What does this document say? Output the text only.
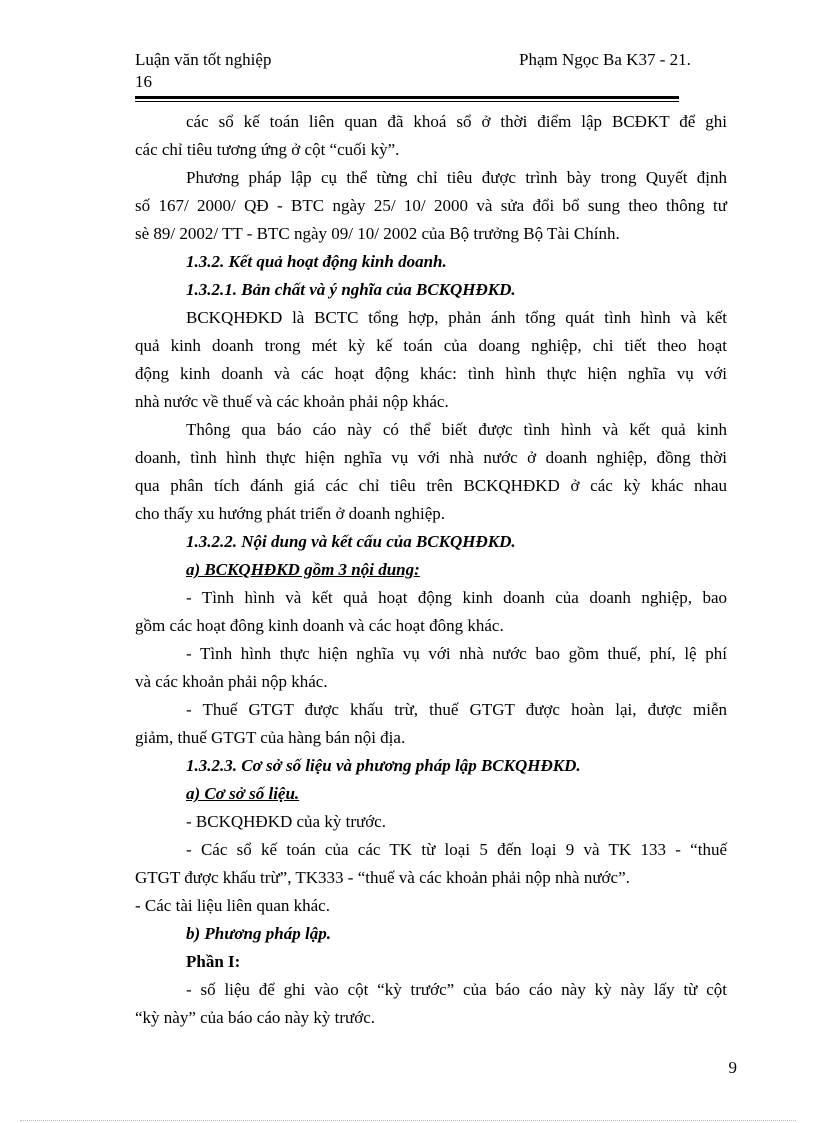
Luận văn tốt nghiệp	Phạm Ngọc Ba K37 - 21.
16
các sổ kế toán liên quan đã khoá sổ ở thời điểm lập BCĐKT để ghi
các chỉ tiêu tương ứng ở cột “cuối kỳ”.
Phương pháp lập cụ thể từng chỉ tiêu được trình bày trong Quyết định
số 167/ 2000/ QĐ - BTC ngày 25/ 10/ 2000 và sửa đổi bổ sung theo thông tư
sè 89/ 2002/ TT - BTC ngày 09/ 10/ 2002 của Bộ trưởng Bộ Tài Chính.
1.3.2. Kết quả hoạt động kinh doanh.
1.3.2.1. Bản chất và ý nghĩa của BCKQHĐKD.
BCKQHĐKD là BCTC tổng hợp, phản ánh tổng quát tình hình và kết
quả kinh doanh trong mét kỳ kế toán của doang nghiệp, chi tiết theo hoạt
động kinh doanh và các hoạt động khác: tình hình thực hiện nghĩa vụ với
nhà nước về thuế và các khoản phải nộp khác.
Thông qua báo cáo này có thể biết được tình hình và kết quả kinh
doanh, tình hình thực hiện nghĩa vụ với nhà nước ở doanh nghiệp, đồng thời
qua phân tích đánh giá các chỉ tiêu trên BCKQHĐKD ở các kỳ khác nhau
cho thấy xu hướng phát triển ở doanh nghiệp.
1.3.2.2. Nội dung và kết cấu của BCKQHĐKD.
a) BCKQHĐKD gồm 3 nội dung:
- Tình hình và kết quả hoạt động kinh doanh của doanh nghiệp, bao
gồm các hoạt đông kinh doanh và các hoạt đông khác.
- Tình hình thực hiện nghĩa vụ với nhà nước bao gồm thuế, phí, lệ phí
và các khoản phải nộp khác.
- Thuế GTGT được khấu trừ, thuế GTGT được hoàn lại, được miễn
giảm, thuế GTGT của hàng bán nội địa.
1.3.2.3. Cơ sở số liệu và phương pháp lập BCKQHĐKD.
a) Cơ sở số liệu.
- BCKQHĐKD của kỳ trước.
- Các sổ kế toán của các TK từ loại 5 đến loại 9 và TK 133 - “thuế
GTGT được khấu trừ”, TK333 - “thuế và các khoản phải nộp nhà nước”.
- Các tài liệu liên quan khác.
b) Phương pháp lập.
Phần I:
- số liệu để ghi vào cột “kỳ trước” của báo cáo này kỳ này lấy từ cột
“kỳ này” của báo cáo này kỳ trước.
9
